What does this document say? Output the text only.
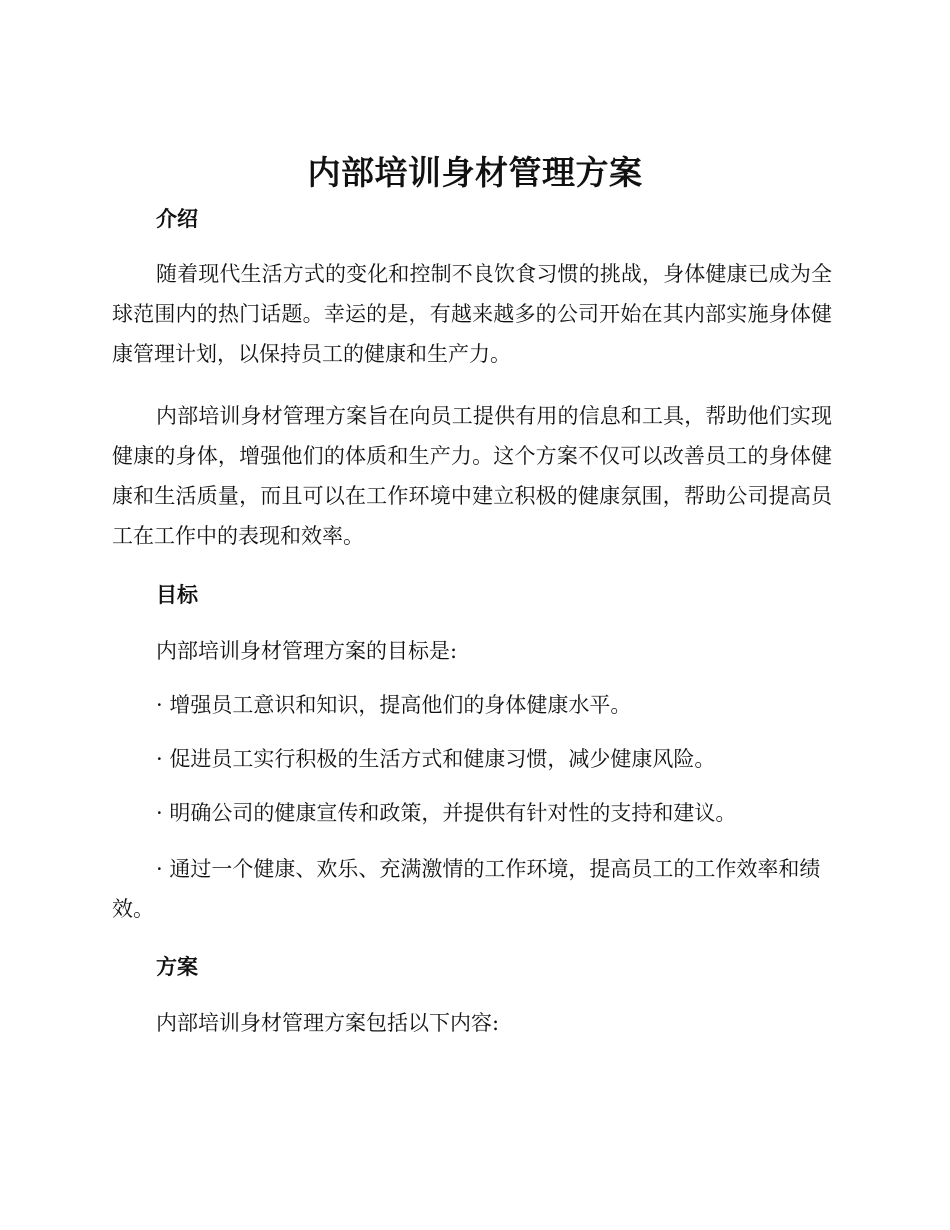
内部培训身材管理方案
介绍

随着现代生活方式的变化和控制不良饮食习惯的挑战，身体健康已成为全球范围内的热门话题。幸运的是，有越来越多的公司开始在其内部实施身体健康管理计划，以保持员工的健康和生产力。

内部培训身材管理方案旨在向员工提供有用的信息和工具，帮助他们实现健康的身体，增强他们的体质和生产力。这个方案不仅可以改善员工的身体健康和生活质量，而且可以在工作环境中建立积极的健康氛围，帮助公司提高员工在工作中的表现和效率。

目标

内部培训身材管理方案的目标是:

· 增强员工意识和知识，提高他们的身体健康水平。

· 促进员工实行积极的生活方式和健康习惯，减少健康风险。

· 明确公司的健康宣传和政策，并提供有针对性的支持和建议。

· 通过一个健康、欢乐、充满激情的工作环境，提高员工的工作效率和绩效。

方案

内部培训身材管理方案包括以下内容:
